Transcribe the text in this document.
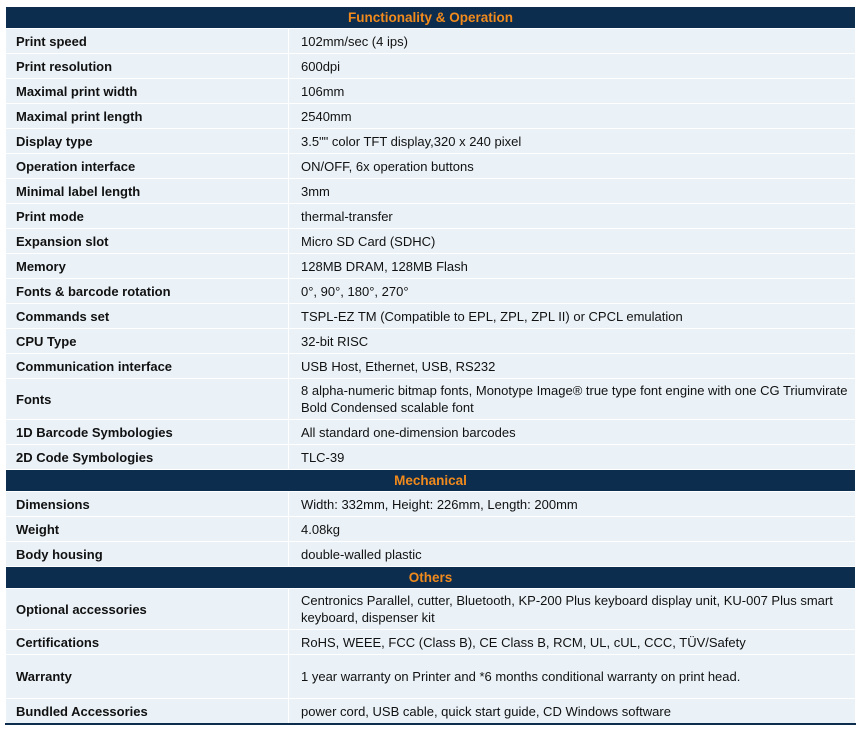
Functionality & Operation	
Print speed	102mm/sec (4 ips)
Print resolution	600dpi
Maximal print width	106mm
Maximal print length	2540mm
Display type	3.5"" color TFT display,320 x 240 pixel
Operation interface	ON/OFF, 6x operation buttons
Minimal label length	3mm
Print mode	thermal-transfer
Expansion slot	Micro SD Card (SDHC)
Memory	128MB DRAM, 128MB Flash
Fonts & barcode rotation	0°, 90°, 180°, 270°
Commands set	TSPL-EZ TM (Compatible to EPL, ZPL, ZPL II) or CPCL emulation
CPU Type	32-bit RISC
Communication interface	USB Host, Ethernet, USB, RS232
Fonts	8 alpha-numeric bitmap fonts, Monotype Image® true type font engine with one CG Triumvirate Bold Condensed scalable font
1D Barcode Symbologies	All standard one-dimension barcodes
2D Code Symbologies	TLC-39
Mechanical	
Dimensions	Width: 332mm, Height: 226mm, Length: 200mm
Weight	4.08kg
Body housing	double-walled plastic
Others	
Optional accessories	Centronics Parallel, cutter, Bluetooth, KP-200 Plus keyboard display unit, KU-007 Plus smart keyboard, dispenser kit
Certifications	RoHS, WEEE, FCC (Class B), CE Class B, RCM, UL, cUL, CCC, TÜV/Safety
Warranty	1 year warranty on Printer and *6 months conditional warranty on print head.
Bundled Accessories	power cord, USB cable, quick start guide, CD Windows software
